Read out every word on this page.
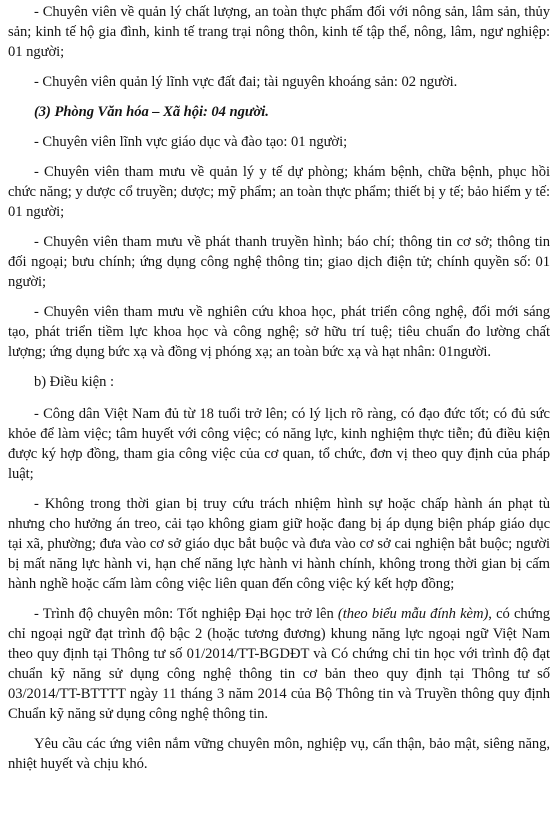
- Chuyên viên về quản lý chất lượng, an toàn thực phẩm đối với nông sản, lâm sản, thủy sản; kinh tế hộ gia đình, kinh tế trang trại nông thôn, kinh tế tập thể, nông, lâm, ngư nghiệp: 01 người;

- Chuyên viên quản lý lĩnh vực đất đai; tài nguyên khoáng sản: 02 người.

(3) Phòng Văn hóa – Xã hội: 04 người.

- Chuyên viên lĩnh vực giáo dục và đào tạo: 01 người;

- Chuyên viên tham mưu về quản lý y tế dự phòng; khám bệnh, chữa bệnh, phục hồi chức năng; y dược cổ truyền; dược; mỹ phẩm; an toàn thực phẩm; thiết bị y tế; bảo hiểm y tế: 01 người;

- Chuyên viên tham mưu về phát thanh truyền hình; báo chí; thông tin cơ sở; thông tin đối ngoại; bưu chính; ứng dụng công nghệ thông tin; giao dịch điện tử; chính quyền số: 01 người;

- Chuyên viên tham mưu về nghiên cứu khoa học, phát triển công nghệ, đổi mới sáng tạo, phát triển tiềm lực khoa học và công nghệ; sở hữu trí tuệ; tiêu chuẩn đo lường chất lượng; ứng dụng bức xạ và đồng vị phóng xạ; an toàn bức xạ và hạt nhân: 01người.

b) Điều kiện :

- Công dân Việt Nam đủ từ 18 tuổi trở lên; có lý lịch rõ ràng, có đạo đức tốt; có đủ sức khỏe để làm việc; tâm huyết với công việc; có năng lực, kinh nghiệm thực tiễn; đủ điều kiện được ký hợp đồng, tham gia công việc của cơ quan, tổ chức, đơn vị theo quy định của pháp luật;

- Không trong thời gian bị truy cứu trách nhiệm hình sự hoặc chấp hành án phạt tù nhưng cho hưởng án treo, cải tạo không giam giữ hoặc đang bị áp dụng biện pháp giáo dục tại xã, phường; đưa vào cơ sở giáo dục bắt buộc và đưa vào cơ sở cai nghiện bắt buộc; người bị mất năng lực hành vi, hạn chế năng lực hành vi hành chính, không trong thời gian bị cấm hành nghề hoặc cấm làm công việc liên quan đến công việc ký kết hợp đồng;

- Trình độ chuyên môn: Tốt nghiệp Đại học trở lên (theo biểu mẫu đính kèm), có chứng chỉ ngoại ngữ đạt trình độ bậc 2 (hoặc tương đương) khung năng lực ngoại ngữ Việt Nam theo quy định tại Thông tư số 01/2014/TT-BGDĐT và Có chứng chỉ tin học với trình độ đạt chuẩn kỹ năng sử dụng công nghệ thông tin cơ bản theo quy định tại Thông tư số 03/2014/TT-BTTTT ngày 11 tháng 3 năm 2014 của Bộ Thông tin và Truyền thông quy định Chuẩn kỹ năng sử dụng công nghệ thông tin.

Yêu cầu các ứng viên nắm vững chuyên môn, nghiệp vụ, cẩn thận, bảo mật, siêng năng, nhiệt huyết và chịu khó.
